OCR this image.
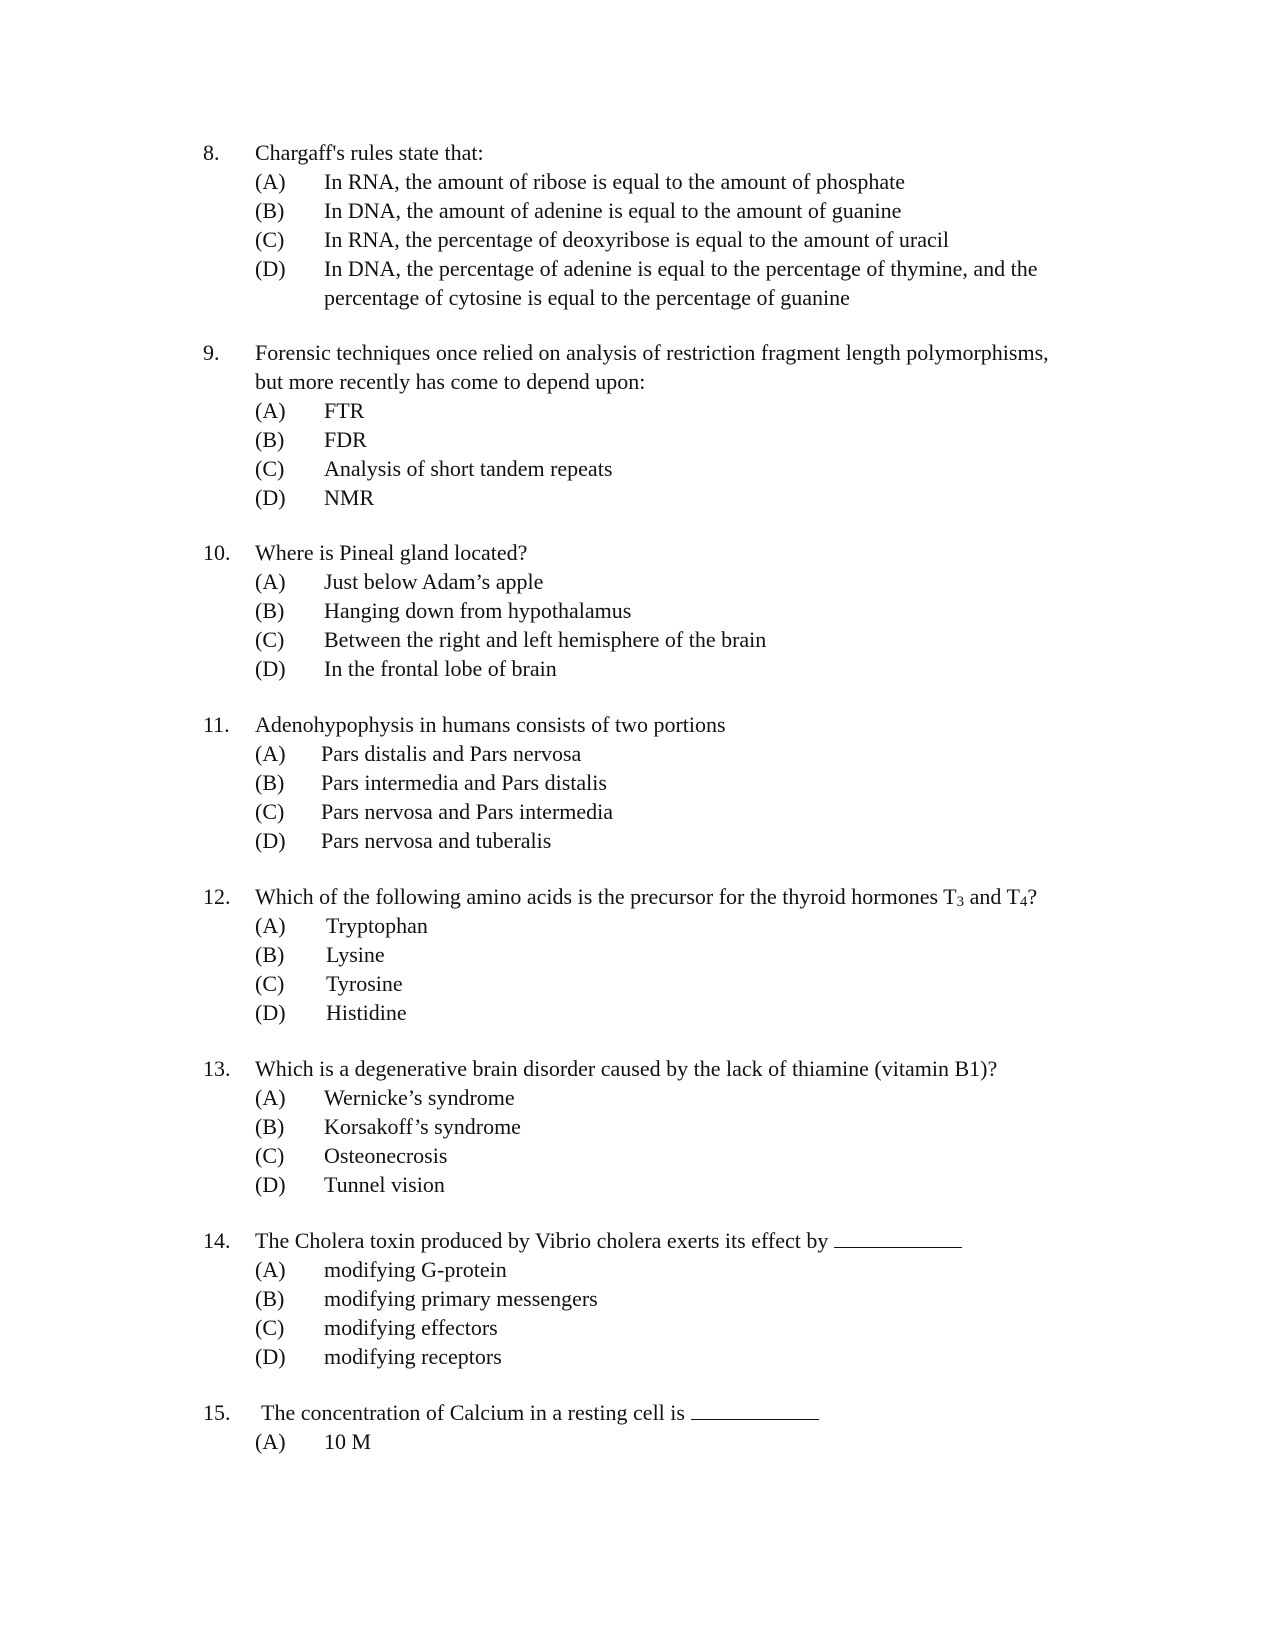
8. Chargaff's rules state that:
(A) In RNA, the amount of ribose is equal to the amount of phosphate
(B) In DNA, the amount of adenine is equal to the amount of guanine
(C) In RNA, the percentage of deoxyribose is equal to the amount of uracil
(D) In DNA, the percentage of adenine is equal to the percentage of thymine, and the
percentage of cytosine is equal to the percentage of guanine
9. Forensic techniques once relied on analysis of restriction fragment length polymorphisms,
but more recently has come to depend upon:
(A) FTR
(B) FDR
(C) Analysis of short tandem repeats
(D) NMR
10. Where is Pineal gland located?
(A) Just below Adam’s apple
(B) Hanging down from hypothalamus
(C) Between the right and left hemisphere of the brain
(D) In the frontal lobe of brain
11. Adenohypophysis in humans consists of two portions
(A) Pars distalis and Pars nervosa
(B) Pars intermedia and Pars distalis
(C) Pars nervosa and Pars intermedia
(D) Pars nervosa and tuberalis
12. Which of the following amino acids is the precursor for the thyroid hormones $T_3$ and $T_4$?
(A) Tryptophan
(B) Lysine
(C) Tyrosine
(D) Histidine
13. Which is a degenerative brain disorder caused by the lack of thiamine (vitamin B1)?
(A) Wernicke’s syndrome
(B) Korsakoff’s syndrome
(C) Osteonecrosis
(D) Tunnel vision
14. The Cholera toxin produced by Vibrio cholera exerts its effect by
(A) modifying G-protein
(B) modifying primary messengers
(C) modifying effectors
(D) modifying receptors
15. The concentration of Calcium in a resting cell is
(A) 10 M
